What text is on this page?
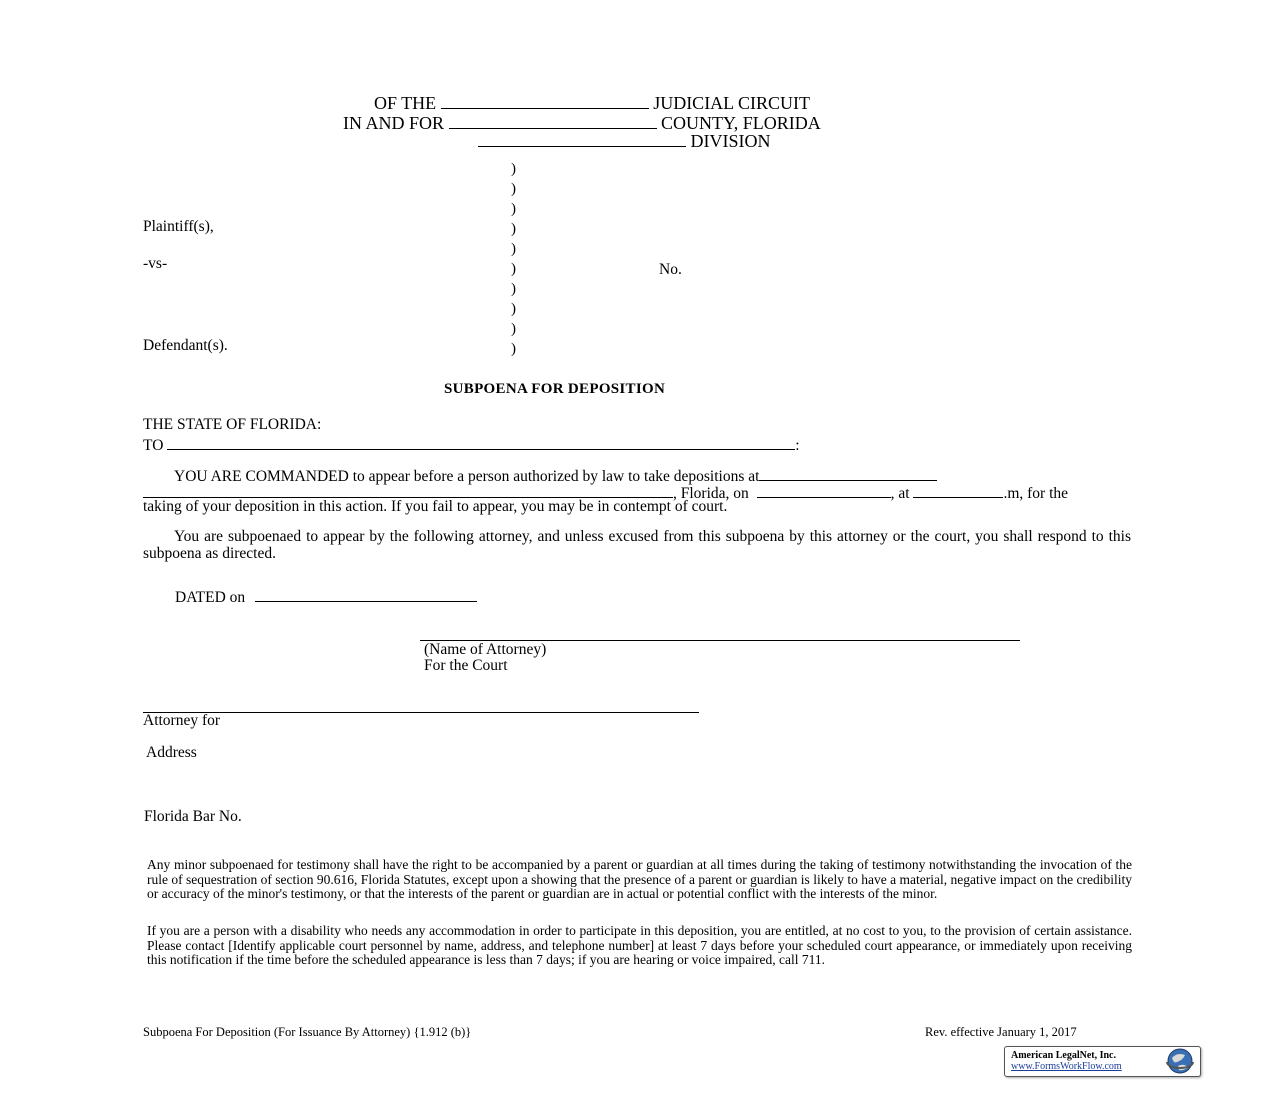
OF THE	JUDICIAL CIRCUIT
IN AND FOR	COUNTY, FLORIDA
DIVISION
)
)
)
)
)
)
)
)
)
)
Plaintiff(s),
-vs-	No.
Defendant(s).
SUBPOENA FOR DEPOSITION
THE STATE OF FLORIDA:
TO	:
YOU ARE COMMANDED to appear before a person authorized by law to take depositions at
, Florida, on	, at	.m, for the
taking of your deposition in this action. If you fail to appear, you may be in contempt of court.
You are subpoenaed to appear by the following attorney, and unless excused from this subpoena by this attorney or the court, you shall respond to this subpoena as directed.
DATED on
(Name of Attorney)
For the Court
Attorney for
Address
Florida Bar No.
Any minor subpoenaed for testimony shall have the right to be accompanied by a parent or guardian at all times during the taking of testimony notwithstanding the invocation of the rule of sequestration of section 90.616, Florida Statutes, except upon a showing that the presence of a parent or guardian is likely to have a material, negative impact on the credibility or accuracy of the minor's testimony, or that the interests of the parent or guardian are in actual or potential conflict with the interests of the minor.
If you are a person with a disability who needs any accommodation in order to participate in this deposition, you are entitled, at no cost to you, to the provision of certain assistance. Please contact [Identify applicable court personnel by name, address, and telephone number] at least 7 days before your scheduled court appearance, or immediately upon receiving this notification if the time before the scheduled appearance is less than 7 days; if you are hearing or voice impaired, call 711.
Subpoena For Deposition (For Issuance By Attorney) {1.912 (b)}	Rev. effective January 1, 2017
American LegalNet, Inc.
www.FormsWorkFlow.com
